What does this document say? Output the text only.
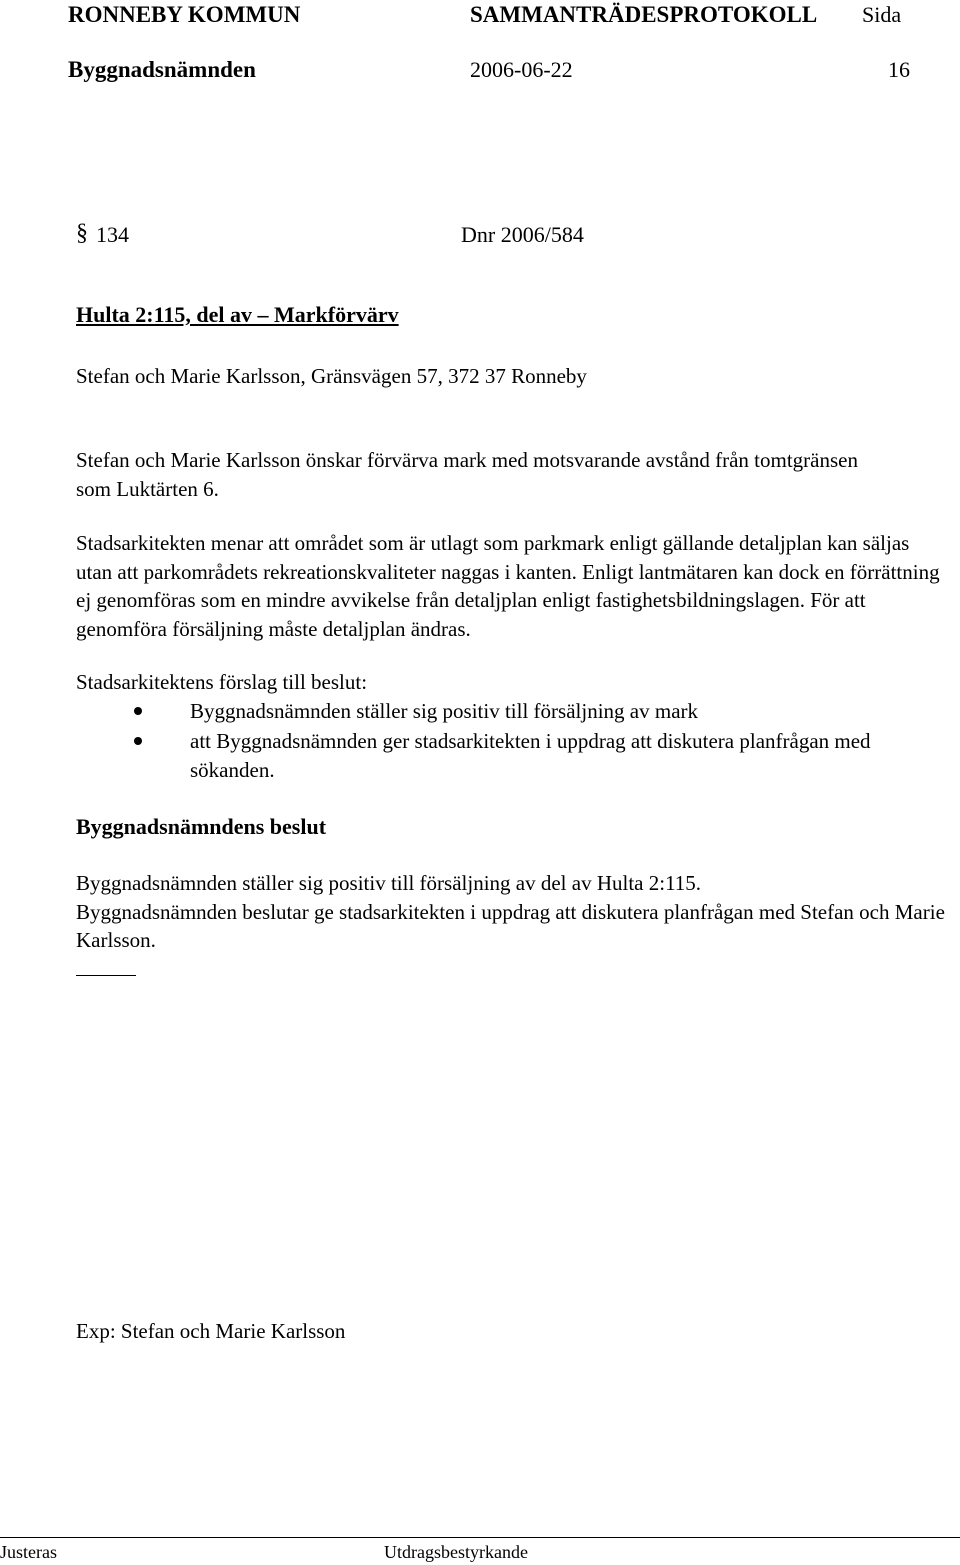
RONNEBY KOMMUN	SAMMANTRÄDESPROTOKOLL Sida
Byggnadsnämnden	2006-06-22	16
§ 134	Dnr 2006/584
Hulta 2:115, del av – Markförvärv
Stefan och Marie Karlsson, Gränsvägen 57, 372 37 Ronneby

Stefan och Marie Karlsson önskar förvärva mark med motsvarande avstånd från tomtgränsen som Luktärten 6.

Stadsarkitekten menar att området som är utlagt som parkmark enligt gällande detaljplan kan säljas utan att parkområdets rekreationskvaliteter naggas i kanten. Enligt lantmätaren kan dock en förrättning ej genomföras som en mindre avvikelse från detaljplan enligt fastighetsbildningslagen. För att genomföra försäljning måste detaljplan ändras.

Stadsarkitektens förslag till beslut:
Byggnadsnämnden ställer sig positiv till försäljning av mark
att Byggnadsnämnden ger stadsarkitekten i uppdrag att diskutera planfrågan med sökanden.
Byggnadsnämndens beslut

Byggnadsnämnden ställer sig positiv till försäljning av del av Hulta 2:115.

Byggnadsnämnden beslutar ge stadsarkitekten i uppdrag att diskutera planfrågan med Stefan och Marie Karlsson.

Exp: Stefan och Marie Karlsson
Justeras	Utdragsbestyrkande
